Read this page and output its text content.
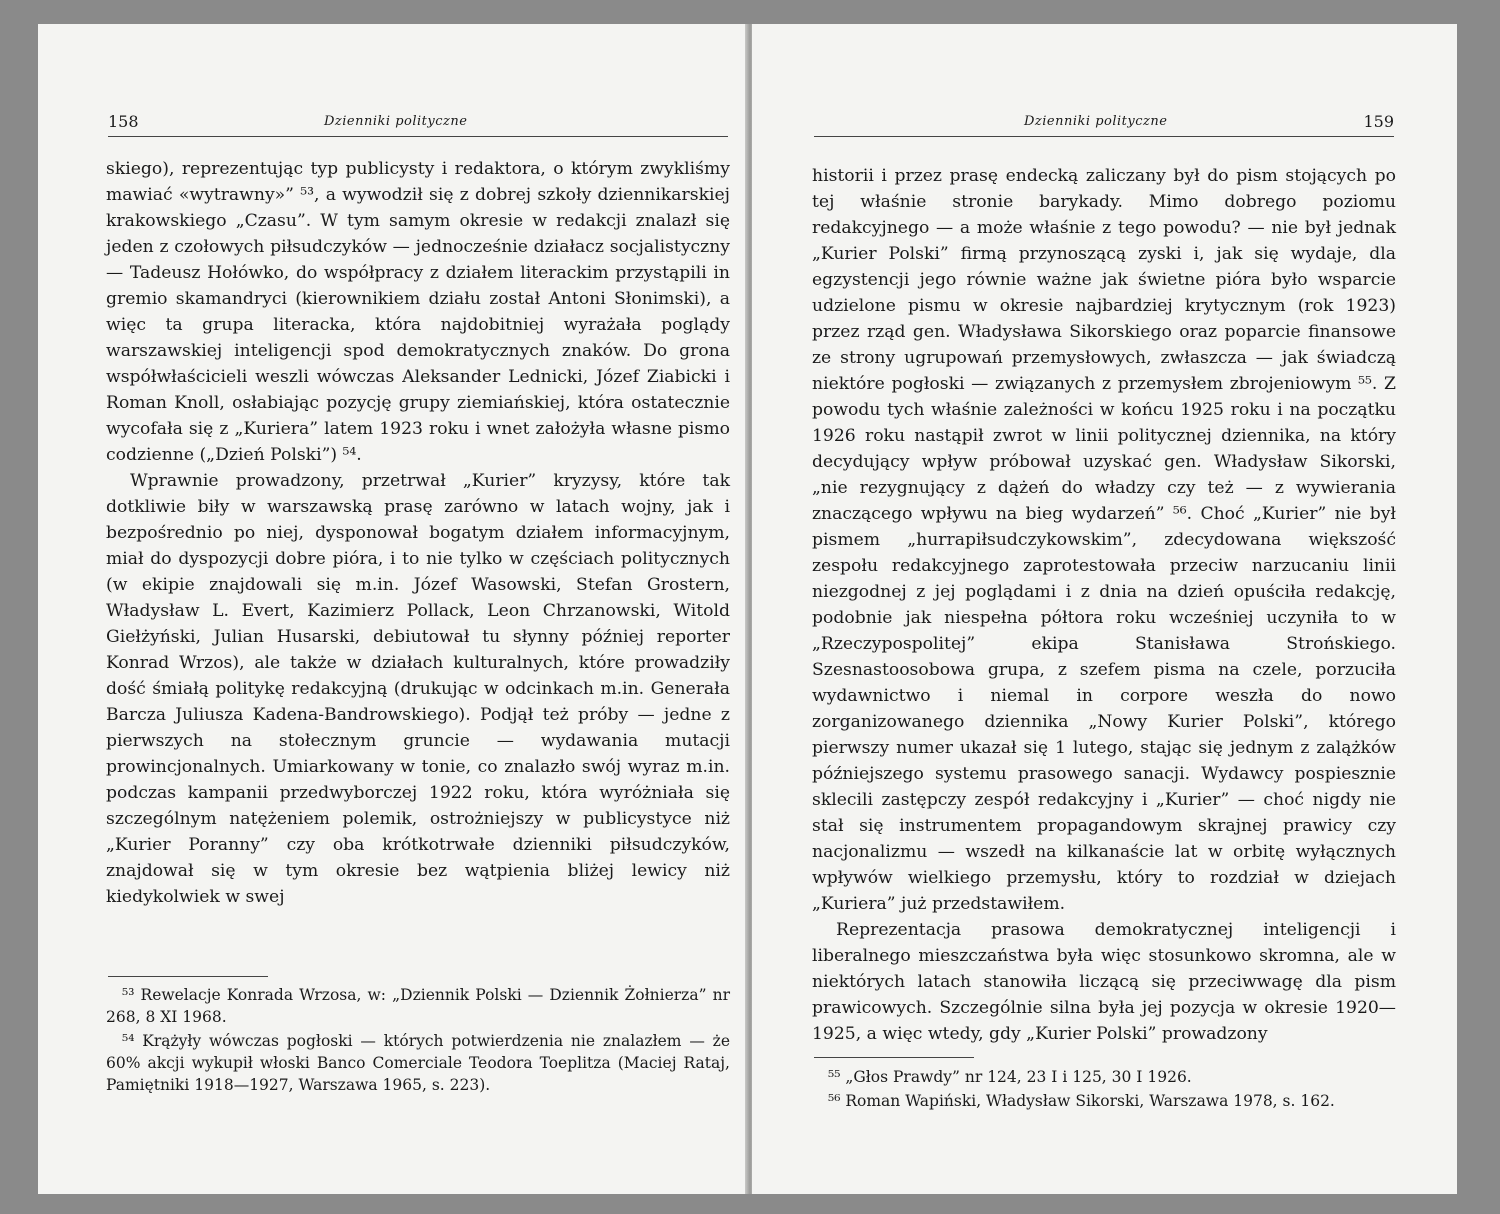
158	Dzienniki polityczne

skiego), reprezentując typ publicysty i redaktora, o którym zwykliśmy mawiać «wytrawny»” ⁵³, a wywodził się z dobrej szkoły dziennikarskiej krakowskiego „Czasu”. W tym samym okresie w redakcji znalazł się jeden z czołowych piłsudczyków — jednocześnie działacz socjalistyczny — Tadeusz Hołówko, do współpracy z działem literackim przystąpili in gremio skamandryci (kierownikiem działu został Antoni Słonimski), a więc ta grupa literacka, która najdobitniej wyrażała poglądy warszawskiej inteligencji spod demokratycznych znaków. Do grona współwłaścicieli weszli wówczas Aleksander Lednicki, Józef Ziabicki i Roman Knoll, osłabiając pozycję grupy ziemiańskiej, która ostatecznie wycofała się z „Kuriera” latem 1923 roku i wnet założyła własne pismo codzienne („Dzień Polski”) ⁵⁴.

Wprawnie prowadzony, przetrwał „Kurier” kryzysy, które tak dotkliwie biły w warszawską prasę zarówno w latach wojny, jak i bezpośrednio po niej, dysponował bogatym działem informacyjnym, miał do dyspozycji dobre pióra, i to nie tylko w częściach politycznych (w ekipie znajdowali się m.in. Józef Wasowski, Stefan Grostern, Władysław L. Evert, Kazimierz Pollack, Leon Chrzanowski, Witold Giełżyński, Julian Husarski, debiutował tu słynny później reporter Konrad Wrzos), ale także w działach kulturalnych, które prowadziły dość śmiałą politykę redakcyjną (drukując w odcinkach m.in. Generała Barcza Juliusza Kadena-Bandrowskiego). Podjął też próby — jedne z pierwszych na stołecznym gruncie — wydawania mutacji prowincjonalnych. Umiarkowany w tonie, co znalazło swój wyraz m.in. podczas kampanii przedwyborczej 1922 roku, która wyróżniała się szczególnym natężeniem polemik, ostrożniejszy w publicystyce niż „Kurier Poranny” czy oba krótkotrwałe dzienniki piłsudczyków, znajdował się w tym okresie bez wątpienia bliżej lewicy niż kiedykolwiek w swej

⁵³ Rewelacje Konrada Wrzosa, w: „Dziennik Polski — Dziennik Żołnierza” nr 268, 8 XI 1968.

⁵⁴ Krążyły wówczas pogłoski — których potwierdzenia nie znalazłem — że 60% akcji wykupił włoski Banco Comerciale Teodora Toeplitza (Maciej Rataj, Pamiętniki 1918—1927, Warszawa 1965, s. 223).

Dzienniki polityczne	159

historii i przez prasę endecką zaliczany był do pism stojących po tej właśnie stronie barykady. Mimo dobrego poziomu redakcyjnego — a może właśnie z tego powodu? — nie był jednak „Kurier Polski” firmą przynoszącą zyski i, jak się wydaje, dla egzystencji jego równie ważne jak świetne pióra było wsparcie udzielone pismu w okresie najbardziej krytycznym (rok 1923) przez rząd gen. Władysława Sikorskiego oraz poparcie finansowe ze strony ugrupowań przemysłowych, zwłaszcza — jak świadczą niektóre pogłoski — związanych z przemysłem zbrojeniowym ⁵⁵. Z powodu tych właśnie zależności w końcu 1925 roku i na początku 1926 roku nastąpił zwrot w linii politycznej dziennika, na który decydujący wpływ próbował uzyskać gen. Władysław Sikorski, „nie rezygnujący z dążeń do władzy czy też — z wywierania znaczącego wpływu na bieg wydarzeń” ⁵⁶. Choć „Kurier” nie był pismem „hurrapiłsudczykowskim”, zdecydowana większość zespołu redakcyjnego zaprotestowała przeciw narzucaniu linii niezgodnej z jej poglądami i z dnia na dzień opuściła redakcję, podobnie jak niespełna półtora roku wcześniej uczyniła to w „Rzeczypospolitej” ekipa Stanisława Strońskiego. Szesnastoosobowa grupa, z szefem pisma na czele, porzuciła wydawnictwo i niemal in corpore weszła do nowo zorganizowanego dziennika „Nowy Kurier Polski”, którego pierwszy numer ukazał się 1 lutego, stając się jednym z zalążków późniejszego systemu prasowego sanacji. Wydawcy pospiesznie sklecili zastępczy zespół redakcyjny i „Kurier” — choć nigdy nie stał się instrumentem propagandowym skrajnej prawicy czy nacjonalizmu — wszedł na kilkanaście lat w orbitę wyłącznych wpływów wielkiego przemysłu, który to rozdział w dziejach „Kuriera” już przedstawiłem.

Reprezentacja prasowa demokratycznej inteligencji i liberalnego mieszczaństwa była więc stosunkowo skromna, ale w niektórych latach stanowiła liczącą się przeciwwagę dla pism prawicowych. Szczególnie silna była jej pozycja w okresie 1920—1925, a więc wtedy, gdy „Kurier Polski” prowadzony

⁵⁵ „Głos Prawdy” nr 124, 23 I i 125, 30 I 1926.

⁵⁶ Roman Wapiński, Władysław Sikorski, Warszawa 1978, s. 162.
